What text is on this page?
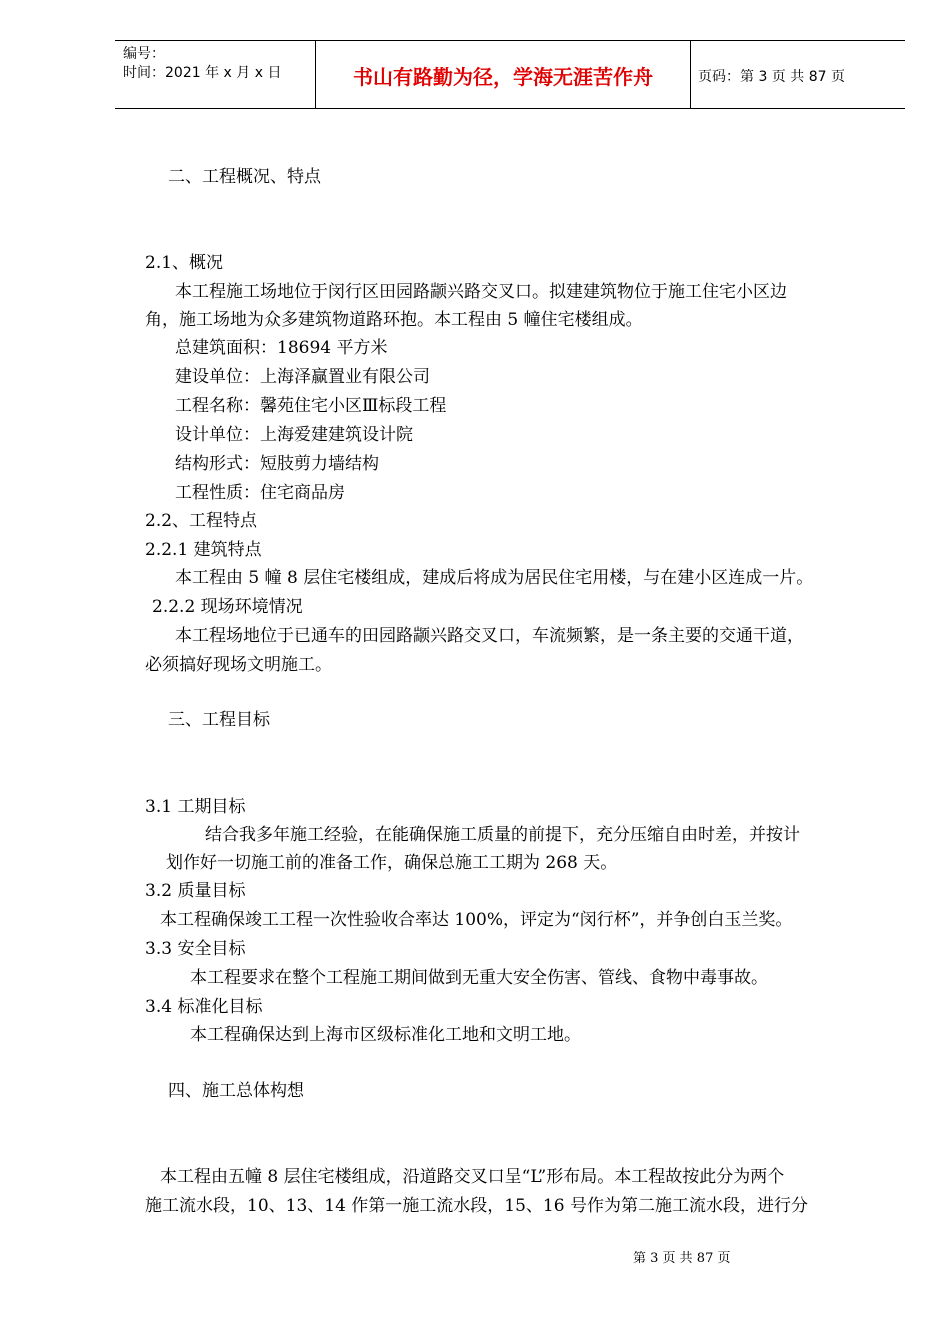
编号：
时间：2021 年 x 月 x 日	书山有路勤为径，学海无涯苦作舟	页码：第 3 页 共 87 页
二、工程概况、特点
2.1、概况
本工程施工场地位于闵行区田园路颛兴路交叉口。拟建建筑物位于施工住宅小区边
角，施工场地为众多建筑物道路环抱。本工程由 5 幢住宅楼组成。
总建筑面积：18694 平方米
建设单位：上海泽赢置业有限公司
工程名称：馨苑住宅小区Ⅲ标段工程
设计单位：上海爱建建筑设计院
结构形式：短肢剪力墙结构
工程性质：住宅商品房
2.2、工程特点
2.2.1 建筑特点
本工程由 5 幢 8 层住宅楼组成，建成后将成为居民住宅用楼，与在建小区连成一片。
2.2.2 现场环境情况
本工程场地位于已通车的田园路颛兴路交叉口，车流频繁，是一条主要的交通干道，
必须搞好现场文明施工。
三、工程目标
3.1 工期目标
结合我多年施工经验，在能确保施工质量的前提下，充分压缩自由时差，并按计
划作好一切施工前的准备工作，确保总施工工期为 268 天。
3.2 质量目标
本工程确保竣工工程一次性验收合率达 100%，评定为“闵行杯”，并争创白玉兰奖。
3.3 安全目标
本工程要求在整个工程施工期间做到无重大安全伤害、管线、食物中毒事故。
3.4 标准化目标
本工程确保达到上海市区级标准化工地和文明工地。
四、施工总体构想
本工程由五幢 8 层住宅楼组成，沿道路交叉口呈“L”形布局。本工程故按此分为两个
施工流水段，10、13、14 作第一施工流水段，15、16 号作为第二施工流水段，进行分
第 3 页 共 87 页
